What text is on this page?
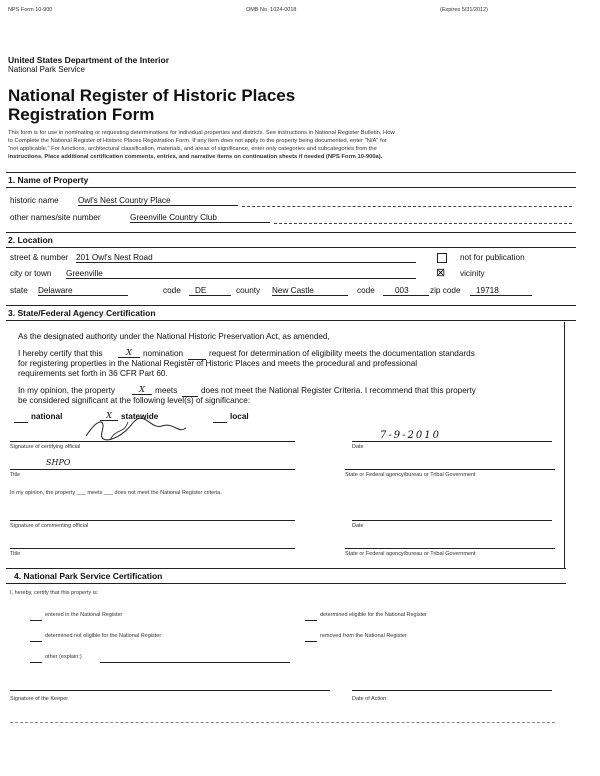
NPS Form 10-900	OMB No. 1024-0018	(Expires 5/31/2012)
United States Department of the Interior
National Park Service
National Register of Historic Places
Registration Form
This form is for use in nominating or requesting determinations for individual properties and districts. See instructions in National Register Bulletin, How
to Complete the National Register of Historic Places Registration Form. If any item does not apply to the property being documented, enter "N/A" for
"not applicable." For functions, architectural classification, materials, and areas of significance, enter only categories and subcategories from the
instructions. Place additional certification comments, entries, and narrative items on continuation sheets if needed (NPS Form 10-900a).
1. Name of Property
historic name Owl's Nest Country Place
other names/site number	Greenville Country Club
2. Location
street & number 201 Owl's Nest Road	not for publication
city or town Greenville	⊠ vicinity
state Delaware	code	DE	county New Castle	code	003	zip code	19718
3. State/Federal Agency Certification
As the designated authority under the National Historic Preservation Act, as amended,
I hereby certify that this	X	nomination	request for determination of eligibility meets the documentation standards
for registering properties in the National Register of Historic Places and meets the procedural and professional
requirements set forth in 36 CFR Part 60.
In my opinion, the property	X	meets	does not meet the National Register Criteria. I recommend that this property
be considered significant at the following level(s) of significance:
national	X	statewide	local
Signature of certifying official
7-9-2010
Date
SHPO
Title	State or Federal agency/bureau or Tribal Government
In my opinion, the property ___ meets ___ does not meet the National Register criteria.
Signature of commenting official	Date
Title	State or Federal agency/bureau or Tribal Government
4. National Park Service Certification
I, hereby, certify that this property is:
entered in the National Register	determined eligible for the National Register
determined not eligible for the National Register	removed from the National Register
other (explain:)
Signature of the Keeper	Date of Action
